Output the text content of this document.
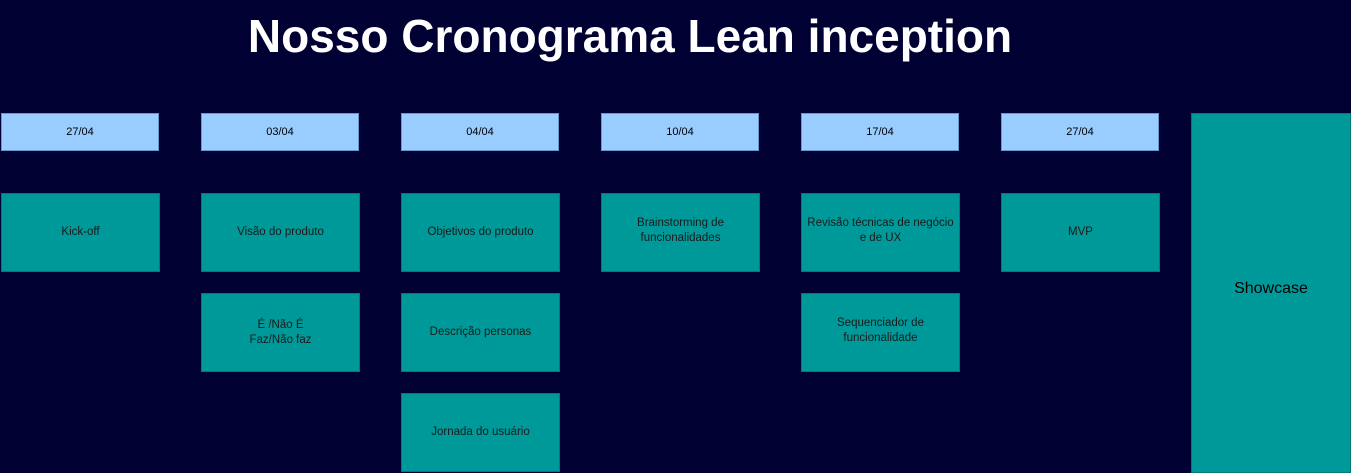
Nosso Cronograma Lean inception
27/04
Kick-off
03/04
Visão do produto
É /Não É
Faz/Não faz
04/04
Objetivos do produto
Descrição personas
Jornada do usuário
10/04
Brainstorming de
funcionalidades
17/04
Revisão técnicas de negócio
e de UX
Sequenciador de
funcionalidade
27/04
MVP
Showcase
